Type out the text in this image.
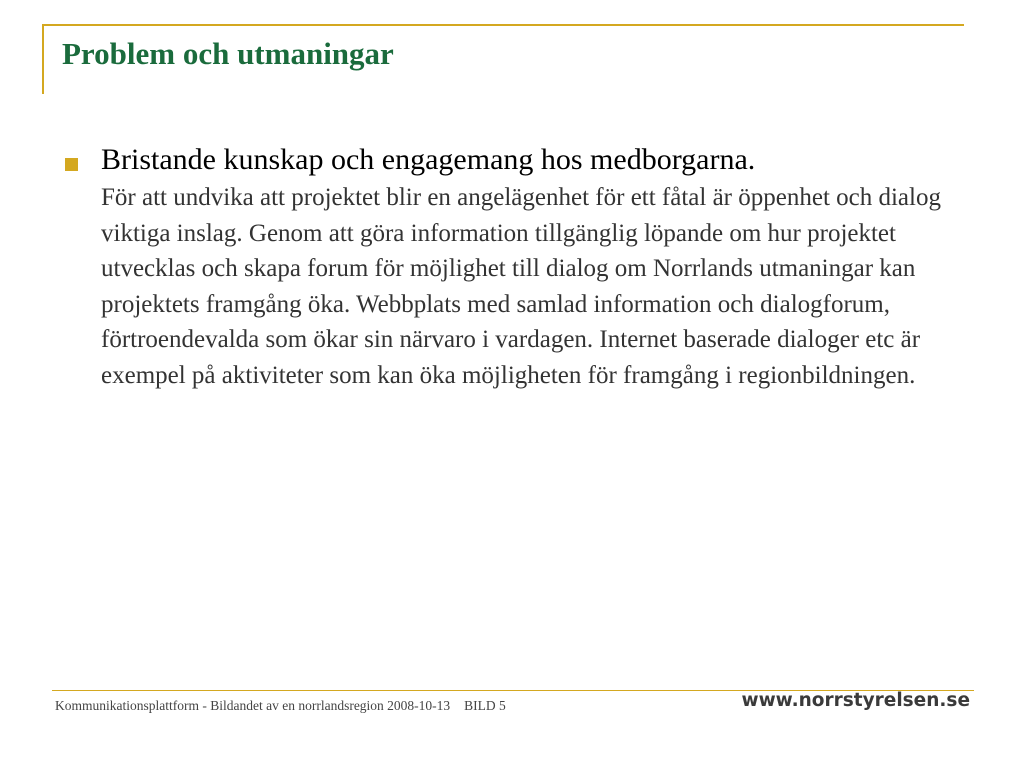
Problem och utmaningar
Bristande kunskap och engagemang hos medborgarna.
För att undvika att projektet blir en angelägenhet för ett fåtal är öppenhet och dialog viktiga inslag. Genom att göra information tillgänglig löpande om hur projektet utvecklas och skapa forum för möjlighet till dialog om Norrlands utmaningar kan projektets framgång öka. Webbplats med samlad information och dialogforum, förtroendevalda som ökar sin närvaro i vardagen. Internet baserade dialoger etc är exempel på aktiviteter som kan öka möjligheten för framgång i regionbildningen.
Kommunikationsplattform - Bildandet av en norrlandsregion 2008-10-13 BILD 5	www.norrstyrelsen.se
